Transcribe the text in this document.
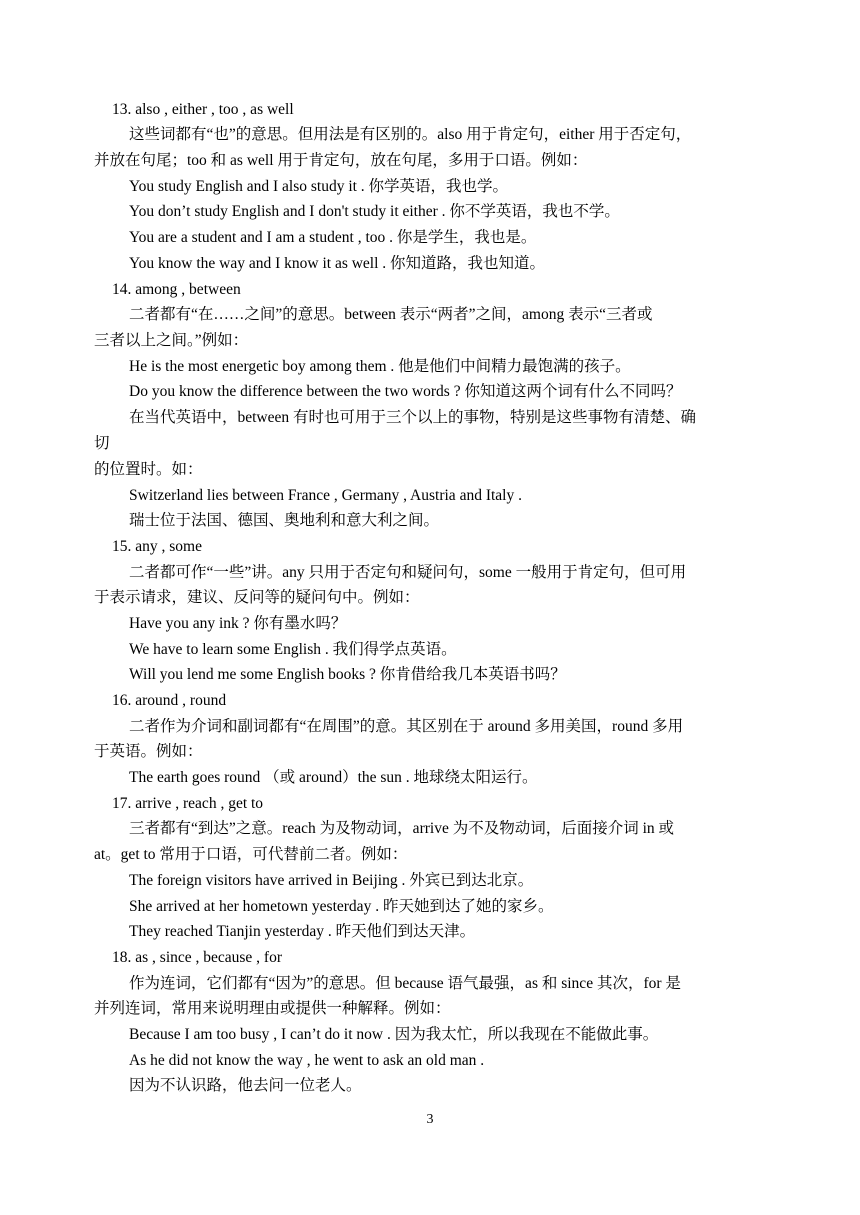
13. also , either , too , as well
这些词都有“也”的意思。但用法是有区别的。also 用于肯定句，either 用于否定句，
并放在句尾；too 和 as well 用于肯定句，放在句尾，多用于口语。例如：
You study English and I also study it . 你学英语，我也学。
You don’t study English and I don't study it either . 你不学英语，我也不学。
You are a student and I am a student , too . 你是学生，我也是。
You know the way and I know it as well . 你知道路，我也知道。
14. among , between
二者都有“在……之间”的意思。between 表示“两者”之间，among 表示“三者或
三者以上之间。”例如：
He is the most energetic boy among them . 他是他们中间精力最饱满的孩子。
Do you know the difference between the two words ? 你知道这两个词有什么不同吗？
在当代英语中，between 有时也可用于三个以上的事物，特别是这些事物有清楚、确
切
的位置时。如：
Switzerland lies between France , Germany , Austria and Italy .
瑞士位于法国、德国、奥地利和意大利之间。
15. any , some
二者都可作“一些”讲。any 只用于否定句和疑问句，some 一般用于肯定句，但可用
于表示请求，建议、反问等的疑问句中。例如：
Have you any ink ? 你有墨水吗？
We have to learn some English . 我们得学点英语。
Will you lend me some English books ? 你肯借给我几本英语书吗？
16. around , round
二者作为介词和副词都有“在周围”的意。其区别在于 around 多用美国，round 多用
于英语。例如：
The earth goes round （或 around）the sun . 地球绕太阳运行。
17. arrive , reach , get to
三者都有“到达”之意。reach 为及物动词，arrive 为不及物动词，后面接介词 in 或
at。get to 常用于口语，可代替前二者。例如：
The foreign visitors have arrived in Beijing . 外宾已到达北京。
She arrived at her hometown yesterday . 昨天她到达了她的家乡。
They reached Tianjin yesterday . 昨天他们到达天津。
18. as , since , because , for
作为连词，它们都有“因为”的意思。但 because 语气最强，as 和 since 其次，for 是
并列连词，常用来说明理由或提供一种解释。例如：
Because I am too busy , I can’t do it now . 因为我太忙，所以我现在不能做此事。
As he did not know the way , he went to ask an old man .
因为不认识路，他去问一位老人。
3
